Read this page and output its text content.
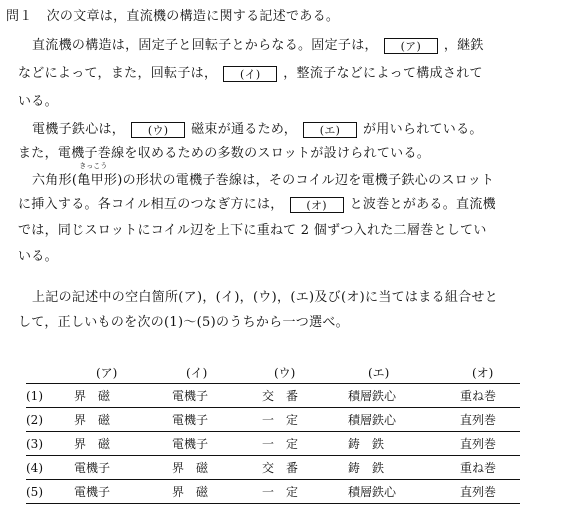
問１ 次の文章は，直流機の構造に関する記述である。
直流機の構造は，固定子と回転子とからなる。固定子は， (ア) ，継鉄
などによって，また，回転子は， (イ) ，整流子などによって構成されて
いる。
電機子鉄心は， (ウ) 磁束が通るため， (エ) が用いられている。
また，電機子巻線を収めるための多数のスロットが設けられている。
六角形(
きっこう
亀甲形)の形状の電機子巻線は，そのコイル辺を電機子鉄心のスロット
に挿入する。各コイル相互のつなぎ方には， (オ) と波巻とがある。直流機
では，同じスロットにコイル辺を上下に重ねて 2 個ずつ入れた二層巻としてい
いる。
上記の記述中の空白箇所(ア)，(イ)，(ウ)，(エ)及び(オ)に当てはまる組合せと
して，正しいものを次の(1)～(5)のうちから一つ選べ。
	(ア)	(イ)	(ウ)	(エ)	(オ)
(1)	界　磁	電機子	交　番	積層鉄心	重ね巻
(2)	界　磁	電機子	一　定	積層鉄心	直列巻
(3)	界　磁	電機子	一　定	鋳　鉄	直列巻
(4)	電機子	界　磁	交　番	鋳　鉄	重ね巻
(5)	電機子	界　磁	一　定	積層鉄心	直列巻
